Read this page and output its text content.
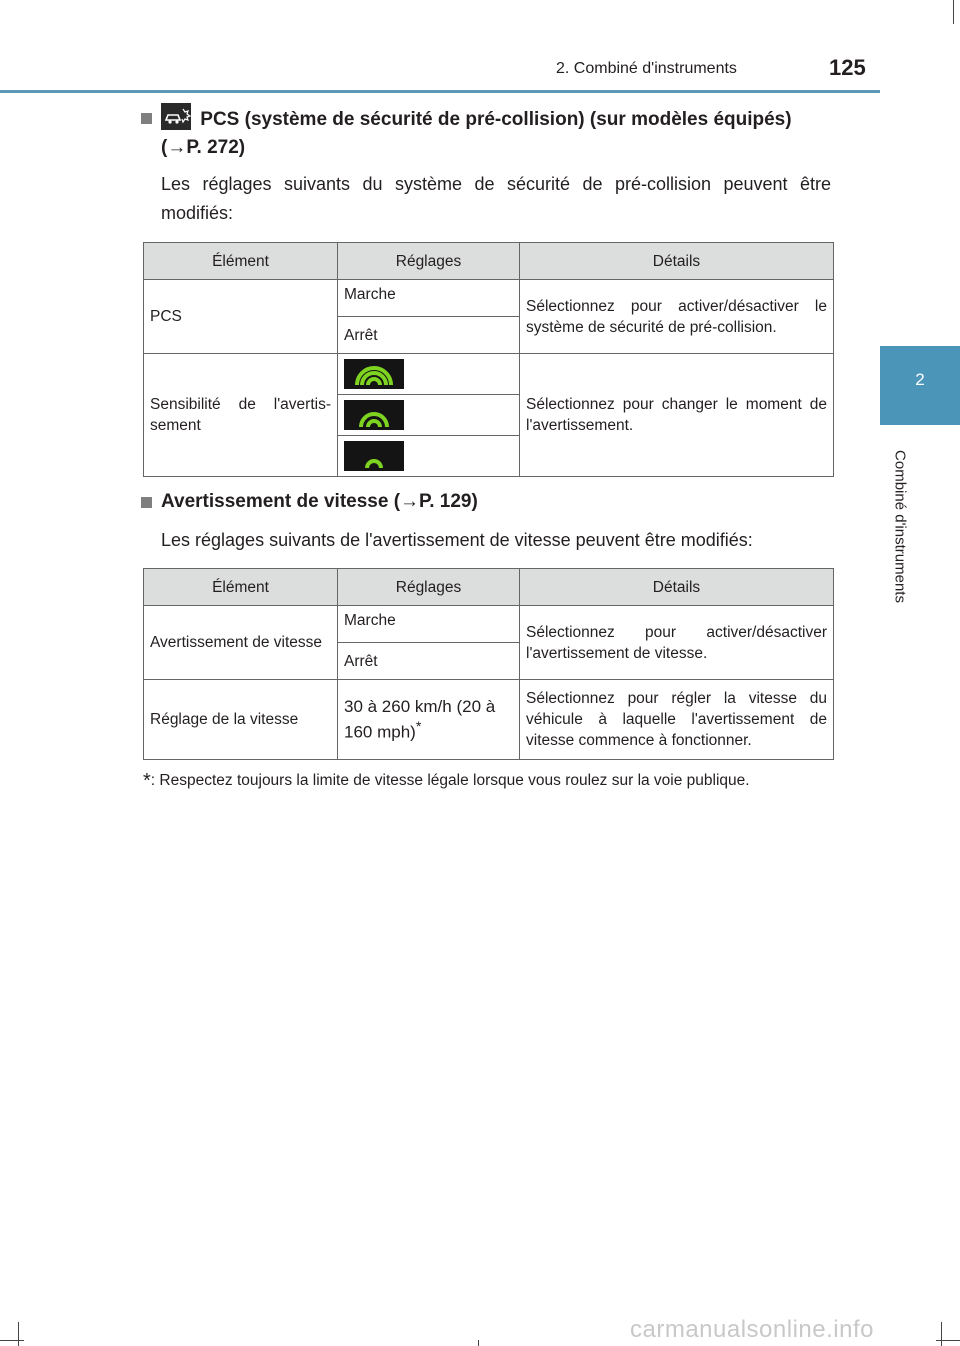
2. Combiné d'instruments	125
2
Combiné d'instruments
PCS (système de sécurité de pré-collision) (sur modèles équipés)
(→P. 272)
Les réglages suivants du système de sécurité de pré-collision peuvent être modifiés:
Élément	Réglages	Détails
PCS	Marche	Sélectionnez pour activer/désactiver le système de sécurité de pré-collision.
	Arrêt	
Sensibilité de l'avertis-sement		Sélectionnez pour changer le moment de l'avertissement.

Avertissement de vitesse (→P. 129)
Les réglages suivants de l'avertissement de vitesse peuvent être modifiés:
Élément	Réglages	Détails
Avertissement de vitesse	Marche	Sélectionnez pour activer/désactiver l'avertissement de vitesse.
	Arrêt	
Réglage de la vitesse	30 à 260 km/h (20 à 160 mph)*	Sélectionnez pour régler la vitesse du véhicule à laquelle l'avertissement de vitesse commence à fonctionner.
*: Respectez toujours la limite de vitesse légale lorsque vous roulez sur la voie publique.
carmanualsonline.info
